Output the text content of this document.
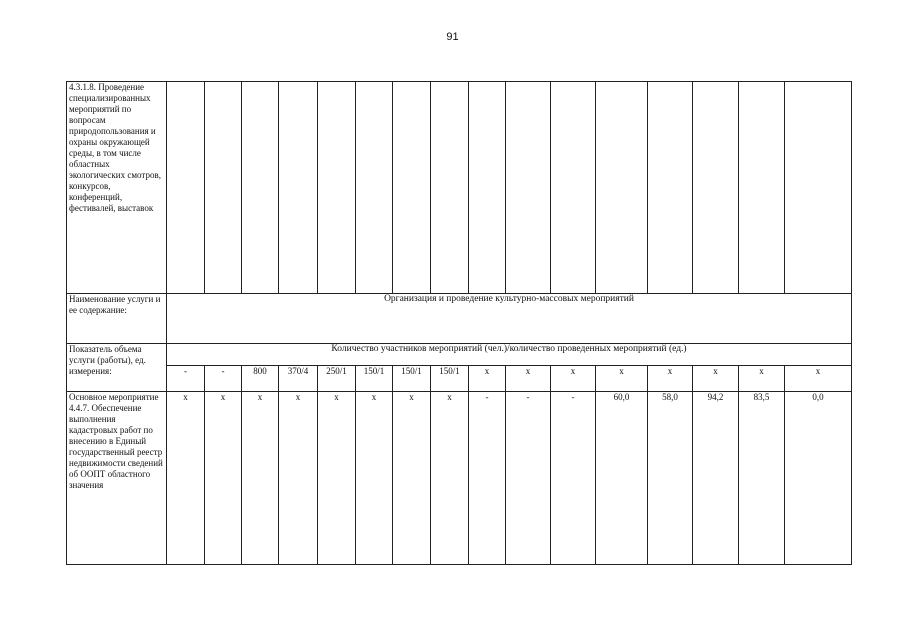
91
4.3.1.8. Проведение специализированных мероприятий по вопросам природопользования и охраны окружающей среды, в том числе областных экологических смотров, конкурсов, конференций, фестивалей, выставок																
Наименование услуги и ее содержание:	Организация и проведение культурно-массовых мероприятий															
Показатель объема услуги (работы), ед. измерения:	Количество участников мероприятий (чел.)/количество проведенных мероприятий (ед.)															
	-	-	800	370/4	250/1	150/1	150/1	150/1	x	x	x	x	x	x	x	x
Основное мероприятие 4.4.7. Обеспечение выполнения кадастровых работ по внесению в Единый государственный реестр недвижимости сведений об ООПТ областного значения	x	x	x	x	x	x	x	x	-	-	-	60,0	58,0	94,2	83,5	0,0
